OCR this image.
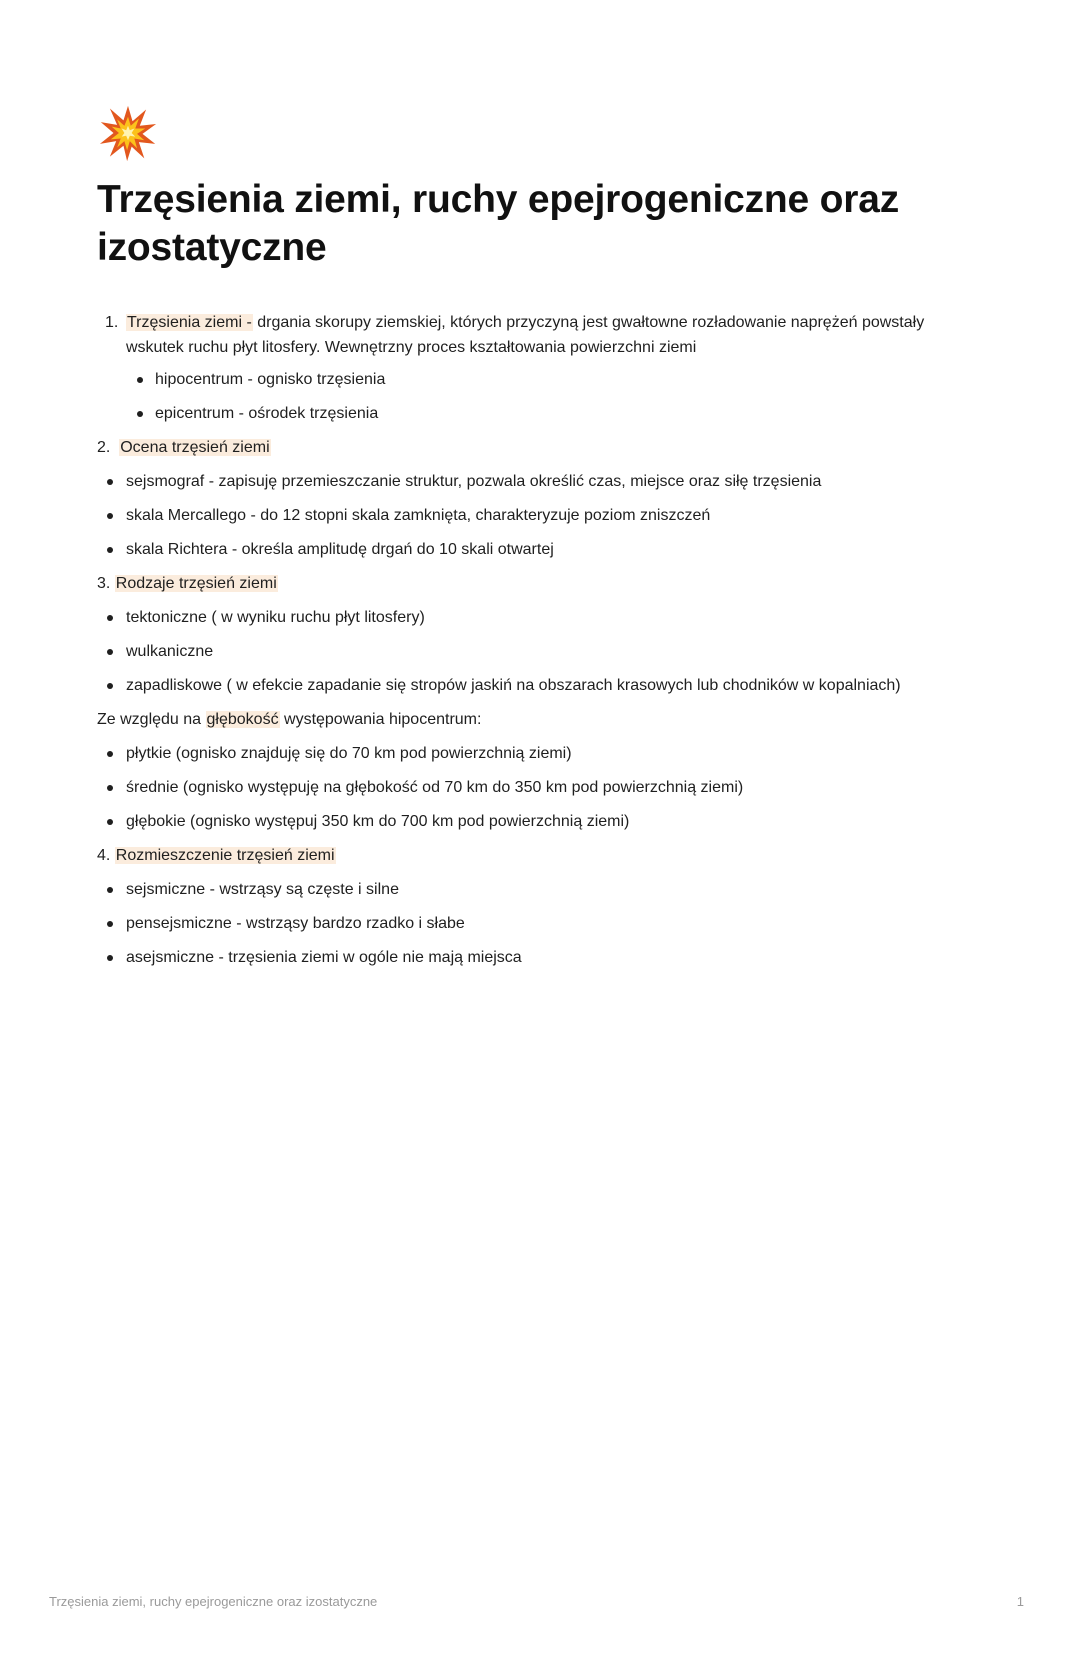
Trzęsienia ziemi, ruchy epejrogeniczne oraz izostatyczne

1. Trzęsienia ziemi - drgania skorupy ziemskiej, których przyczyną jest gwałtowne rozładowanie naprężeń powstały wskutek ruchu płyt litosfery. Wewnętrzny proces kształtowania powierzchni ziemi

hipocentrum - ognisko trzęsienia

epicentrum - ośrodek trzęsienia

2. Ocena trzęsień ziemi

sejsmograf - zapisuję przemieszczanie struktur, pozwala określić czas, miejsce oraz siłę trzęsienia

skala Mercallego - do 12 stopni skala zamknięta, charakteryzuje poziom zniszczeń

skala Richtera - określa amplitudę drgań do 10 skali otwartej

3. Rodzaje trzęsień ziemi

tektoniczne ( w wyniku ruchu płyt litosfery)

wulkaniczne

zapadliskowe ( w efekcie zapadanie się stropów jaskiń na obszarach krasowych lub chodników w kopalniach)

Ze względu na głębokość występowania hipocentrum:

płytkie (ognisko znajduję się do 70 km pod powierzchnią ziemi)

średnie (ognisko występuję na głębokość od 70 km do 350 km pod powierzchnią ziemi)

głębokie (ognisko występuj 350 km do 700 km pod powierzchnią ziemi)

4. Rozmieszczenie trzęsień ziemi

sejsmiczne - wstrząsy są częste i silne

pensejsmiczne - wstrząsy bardzo rzadko i słabe

asejsmiczne - trzęsienia ziemi w ogóle nie mają miejsca

Trzęsienia ziemi, ruchy epejrogeniczne oraz izostatyczne	1
